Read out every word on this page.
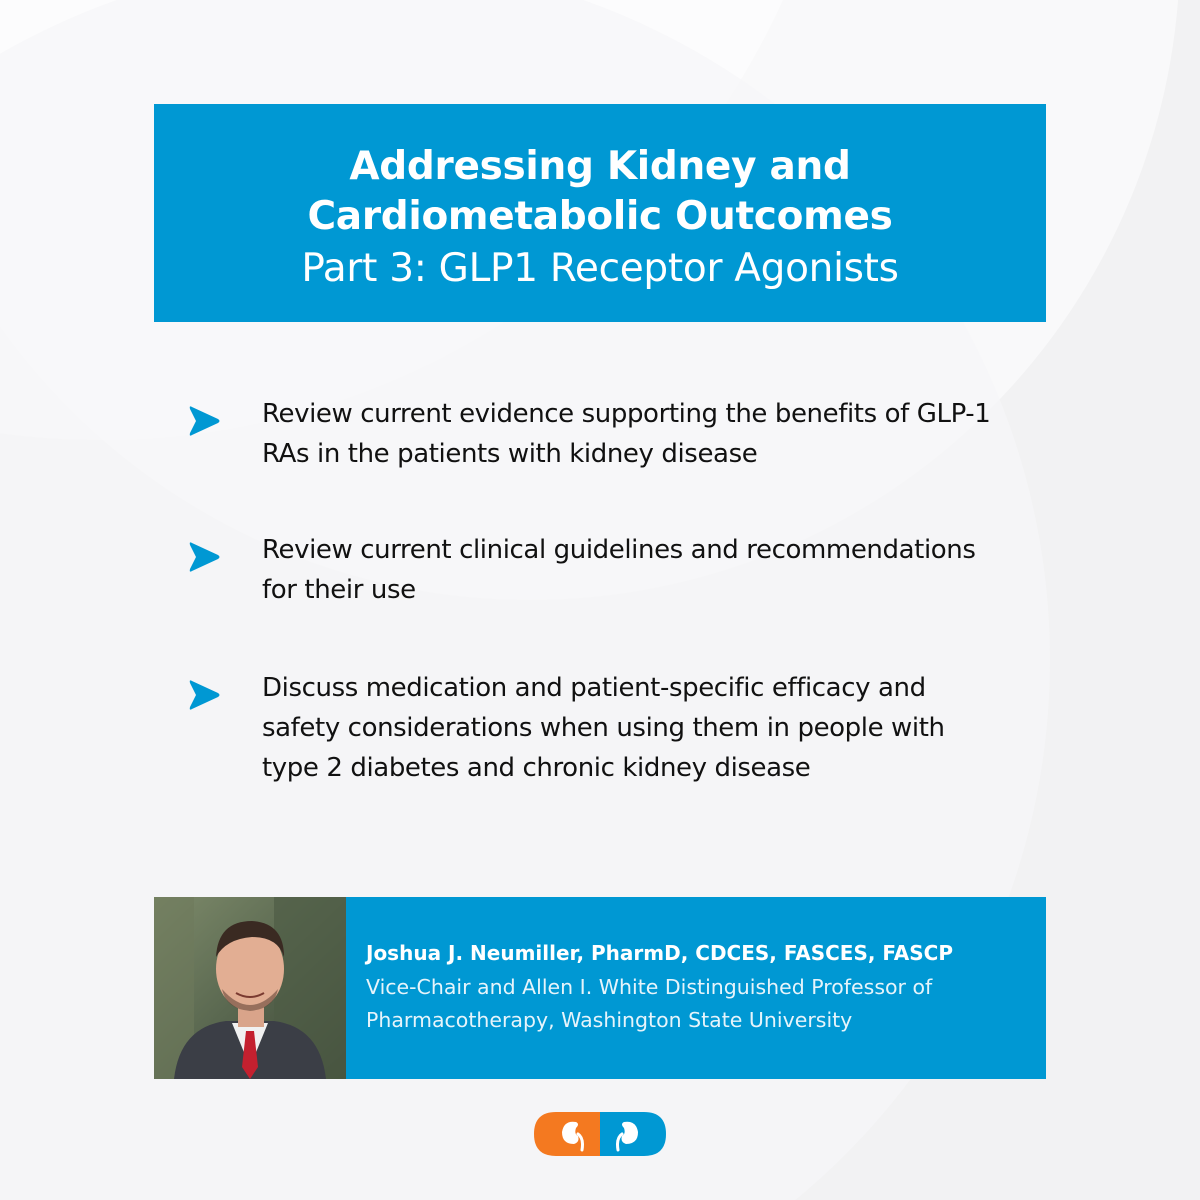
Addressing Kidney and
Cardiometabolic Outcomes
Part 3: GLP1 Receptor Agonists
Review current evidence supporting the benefits of GLP-1 RAs in the patients with kidney disease
Review current clinical guidelines and recommendations for their use
Discuss medication and patient-specific efficacy and safety considerations when using them in people with type 2 diabetes and chronic kidney disease
Joshua J. Neumiller, PharmD, CDCES, FASCES, FASCP
Vice-Chair and Allen I. White Distinguished Professor of Pharmacotherapy, Washington State University
